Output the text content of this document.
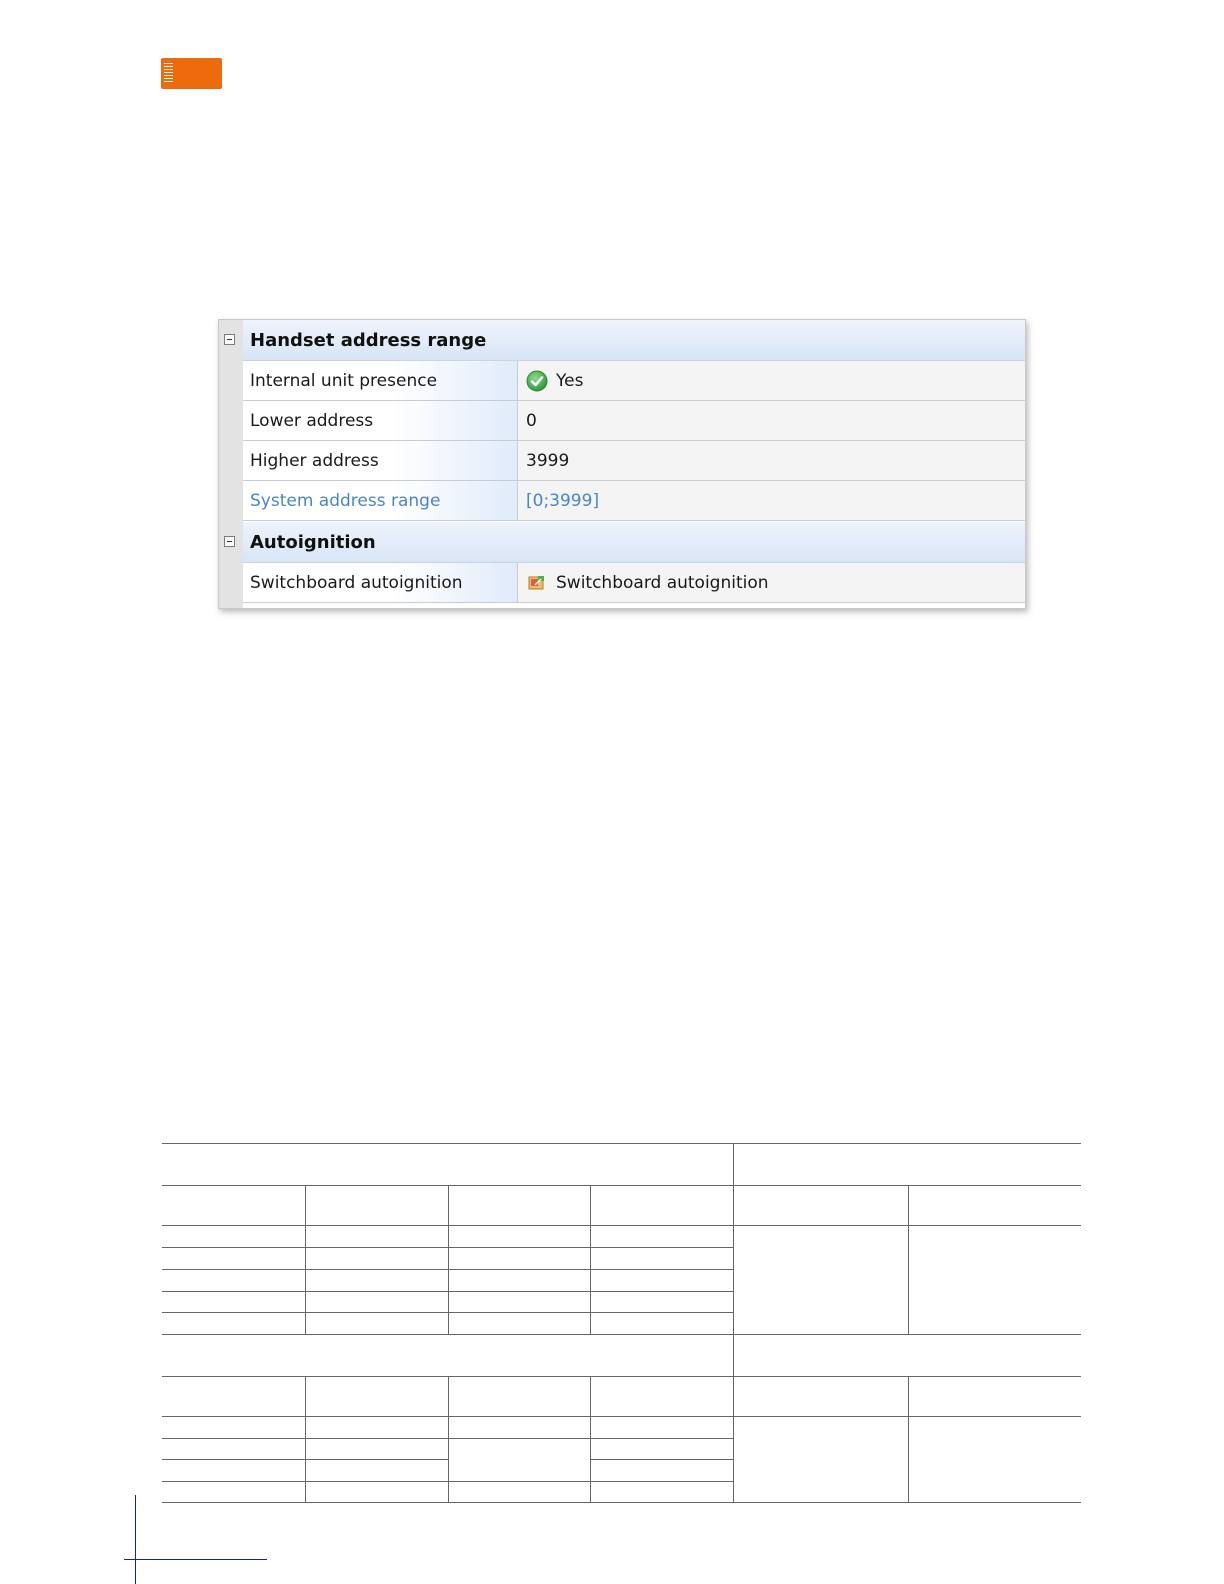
Handset address range
Internal unit presence	Yes
Lower address	0
Higher address	3999
System address range	[0;3999]
Autoignition
Switchboard autoignition	Switchboard autoignition
